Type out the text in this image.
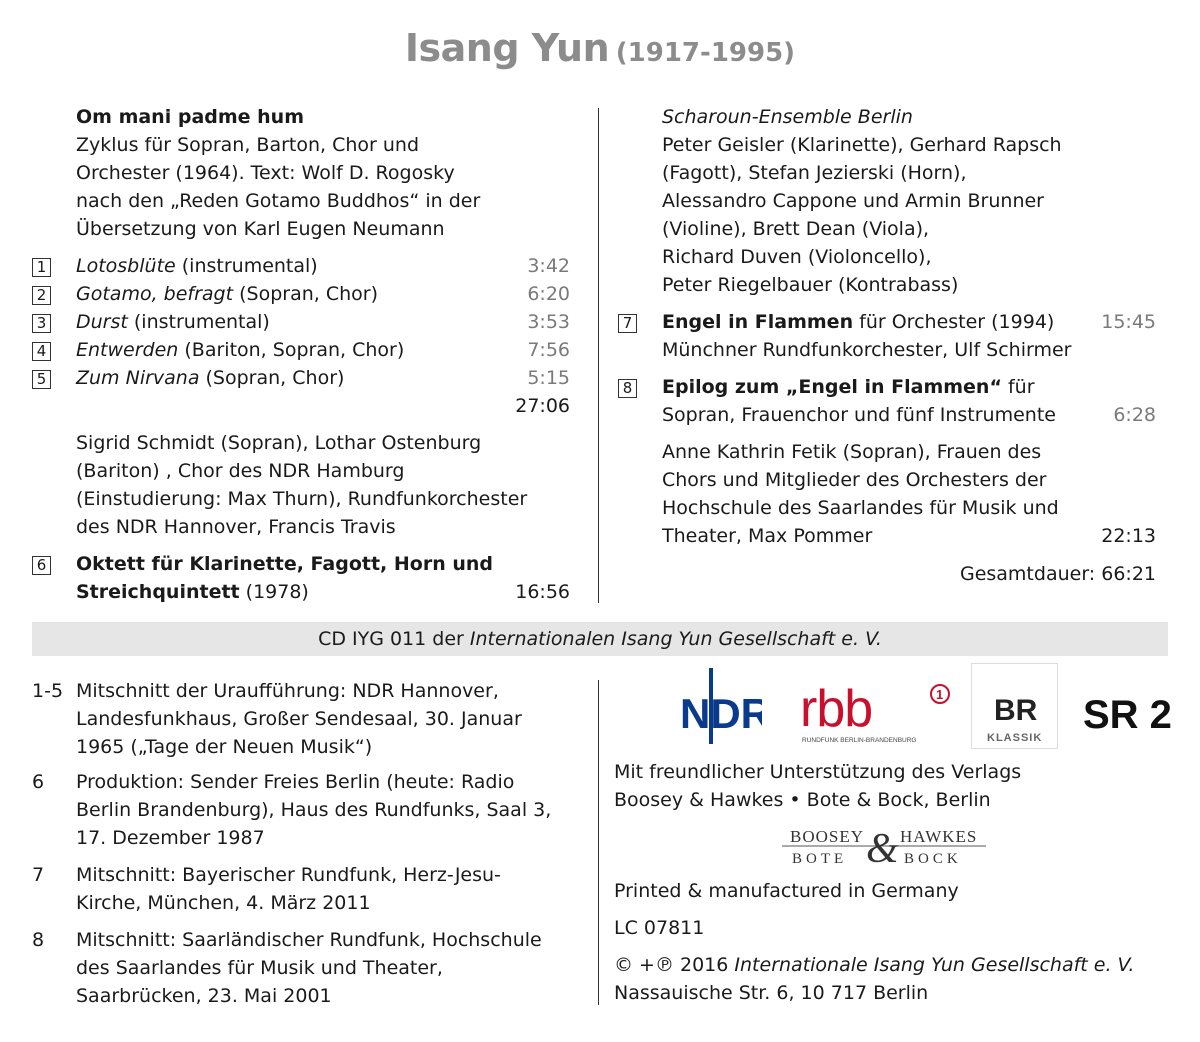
Isang Yun (1917-1995)
Om mani padme hum
Zyklus für Sopran, Barton, Chor und
Orchester (1964). Text: Wolf D. Rogosky
nach den „Reden Gotamo Buddhos“ in der
Übersetzung von Karl Eugen Neumann
1 Lotosblüte (instrumental)	3:42
2 Gotamo, befragt (Sopran, Chor)	6:20
3 Durst (instrumental)	3:53
4 Entwerden (Bariton, Sopran, Chor)	7:56
5 Zum Nirvana (Sopran, Chor)	5:15
27:06
Sigrid Schmidt (Sopran), Lothar Ostenburg
(Bariton) , Chor des NDR Hamburg
(Einstudierung: Max Thurn), Rundfunkorchester
des NDR Hannover, Francis Travis
6 Oktett für Klarinette, Fagott, Horn und
Streichquintett (1978)	16:56
Scharoun-Ensemble Berlin
Peter Geisler (Klarinette), Gerhard Rapsch
(Fagott), Stefan Jezierski (Horn),
Alessandro Cappone und Armin Brunner
(Violine), Brett Dean (Viola),
Richard Duven (Violoncello),
Peter Riegelbauer (Kontrabass)
7 Engel in Flammen für Orchester (1994)	15:45
Münchner Rundfunkorchester, Ulf Schirmer
8 Epilog zum „Engel in Flammen“ für
Sopran, Frauenchor und fünf Instrumente	6:28
Anne Kathrin Fetik (Sopran), Frauen des
Chors und Mitglieder des Orchesters der
Hochschule des Saarlandes für Musik und
Theater, Max Pommer	22:13
Gesamtdauer: 66:21
CD IYG 011 der Internationalen Isang Yun Gesellschaft e. V.
1-5 Mitschnitt der Uraufführung: NDR Hannover,
Landesfunkhaus, Großer Sendesaal, 30. Januar
1965 („Tage der Neuen Musik“)
6 Produktion: Sender Freies Berlin (heute: Radio
Berlin Brandenburg), Haus des Rundfunks, Saal 3,
17. Dezember 1987
7 Mitschnitt: Bayerischer Rundfunk, Herz-Jesu-
Kirche, München, 4. März 2011
8 Mitschnitt: Saarländischer Rundfunk, Hochschule
des Saarlandes für Musik und Theater,
Saarbrücken, 23. Mai 2001
NDR rbb	1
RUNDFUNK BERLIN-BRANDENBURG
BR
KLASSIK
SR 2
Mit freundlicher Unterstützung des Verlags
Boosey & Hawkes • Bote & Bock, Berlin
BOOSEY HAWKES
BOTE	BOCK
&
Printed & manufactured in Germany
LC 07811
© +℗ 2016 Internationale Isang Yun Gesellschaft e. V.
Nassauische Str. 6, 10 717 Berlin
